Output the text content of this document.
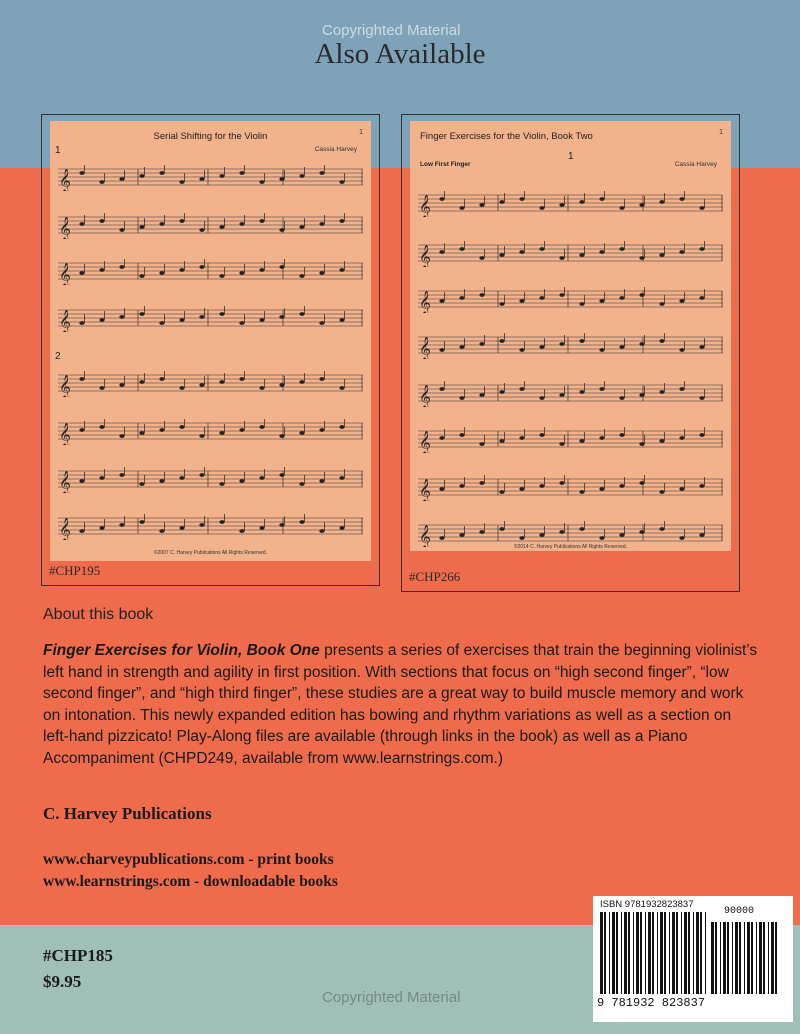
Copyrighted Material
Also Available
Serial Shifting for the Violin	1
Cassia Harvey
1
2
©2007 C. Harvey Publications All Rights Reserved.
𝄞
𝄞
𝄞
𝄞
𝄞
𝄞
𝄞
𝄞
#CHP195
Finger Exercises for the Violin, Book Two	1
1
Low First Finger	Cassia Harvey
©2014 C. Harvey Publications All Rights Reserved.
𝄞
𝄞
𝄞
𝄞
𝄞
𝄞
𝄞
𝄞
#CHP266
About this book

Finger Exercises for Violin, Book One presents a series of exercises that train the beginning violinist’s left hand in strength and agility in first position. With sections that focus on “high second finger”, “low second finger”, and “high third finger”, these studies are a great way to build muscle memory and work on intonation. This newly expanded edition has bowing and rhythm variations as well as a section on left-hand pizzicato! Play-Along files are available (through links in the book) as well as a Piano Accompaniment (CHPD249, available from www.learnstrings.com.)

C. Harvey Publications
www.charveypublications.com - print books
www.learnstrings.com - downloadable books
#CHP185
$9.95
Copyrighted Material
ISBN 9781932823837
90000
9 781932 823837
